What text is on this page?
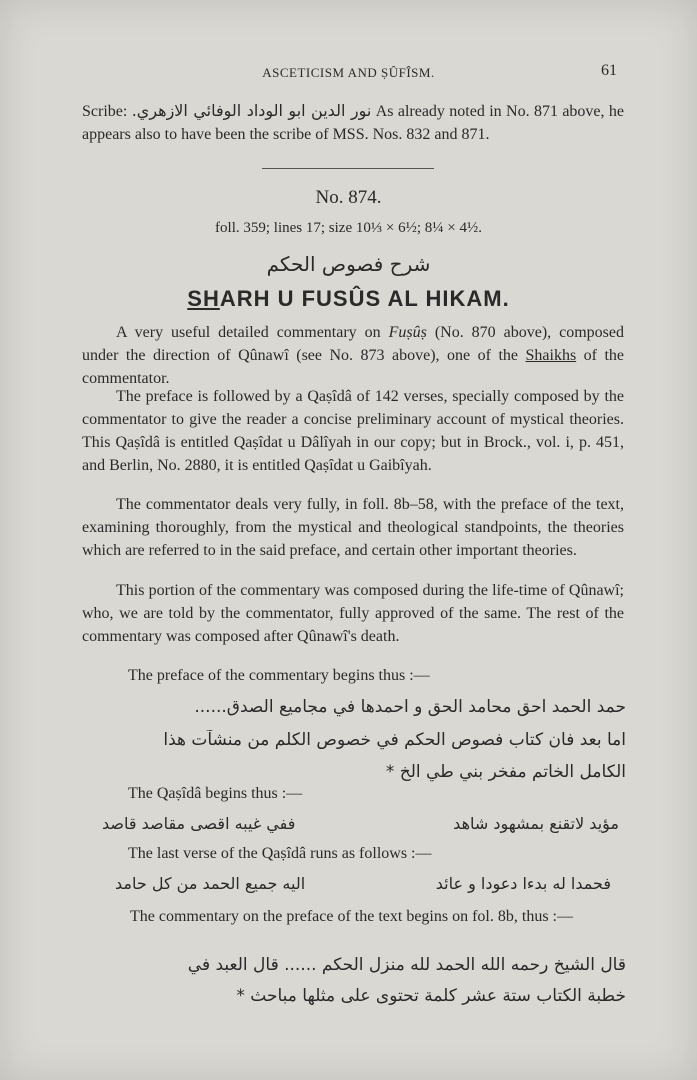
ASCETICISM AND ṢÛFÎSM.	61

Scribe: نور الدين ابو الوداد الوفائي الازهري. As already noted in No. 871 above, he appears also to have been the scribe of MSS. Nos. 832 and 871.

No. 874.
foll. 359; lines 17; size 10⅓ × 6½; 8¼ × 4½.
شرح فصوص الحكم
SHARH U FUSÛS AL HIKAM.

A very useful detailed commentary on Fuṣûṣ (No. 870 above), composed under the direction of Qûnawî (see No. 873 above), one of the Shaikhs of the commentator.

The preface is followed by a Qaṣîdâ of 142 verses, specially composed by the commentator to give the reader a concise preliminary account of mystical theories. This Qaṣîdâ is entitled Qaṣîdat u Dâlîyah in our copy; but in Brock., vol. i, p. 451, and Berlin, No. 2880, it is entitled Qaṣîdat u Gaibîyah.

The commentator deals very fully, in foll. 8b–58, with the preface of the text, examining thoroughly, from the mystical and theological standpoints, the theories which are referred to in the said preface, and certain other important theories.

This portion of the commentary was composed during the life-time of Qûnawî; who, we are told by the commentator, fully approved of the same. The rest of the commentary was composed after Qûnawî's death.

The preface of the commentary begins thus :—
حمد الحمد احق محامد الحق و احمدها في مجاميع الصدق......
اما بعد فان كتاب فصوص الحكم في خصوص الكلم من منشآت هذا
الكامل الخاتم مفخر بني طي الخ *
The Qaṣîdâ begins thus :—
مؤيد لاتقنع بمشهود شاهد
ففي غيبه اقصى مقاصد قاصد
The last verse of the Qaṣîdâ runs as follows :—
فحمدا له بدءا دعودا و عائد
اليه جميع الحمد من كل حامد

The commentary on the preface of the text begins on fol. 8b, thus :—

قال الشيخ رحمه الله الحمد لله منزل الحكم ...... قال العبد في
خطبة الكتاب ستة عشر كلمة تحتوى على مثلها مباحث *
